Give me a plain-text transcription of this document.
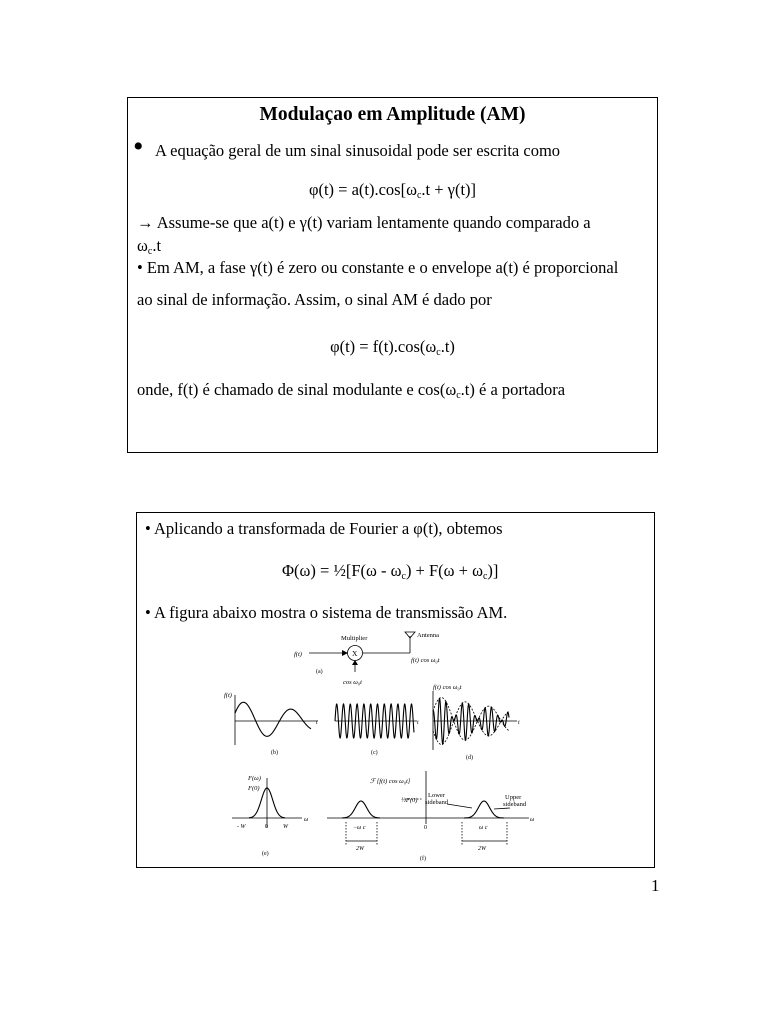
Modulaçao em Amplitude (AM)
• A equação geral de um sinal sinusoidal pode ser escrita como
$\varphi(t) = a(t).\cos[\omega_c.t + \gamma(t)]$
→ Assume-se que a(t) e γ(t) variam lentamente quando comparado a
$\omega_c.t$
• Em AM, a fase γ(t) é zero ou constante e o envelope a(t) é proporcional
ao sinal de informação. Assim, o sinal AM é dado por
$\varphi(t) = f(t).\cos(\omega_c.t)$
onde, f(t) é chamado de sinal modulante e $\cos(\omega_c.t)$ é a portadora
• Aplicando a transformada de Fourier a φ(t), obtemos
Φ(ω) = ½[F(ω - $\omega_c) + F(\omega + \omega_c)$]
• A figura abaixo mostra o sistema de transmissão AM.
Multiplier
X
Antenna
f(t)
f(t) cos ω₀t
(a)
cos ω₀t
f(t)
t
(b)
t
(c)
f(t) cos ω₀t
t
(d)
F(ω)
F(0)
- W	0	W
ω
(e)
ℱ [f(t) cos ω₀t]
½F(0)
Lower
sideband
Upper
sideband
−ω c	0	ω c
ω
2W	2W
(f)
1
